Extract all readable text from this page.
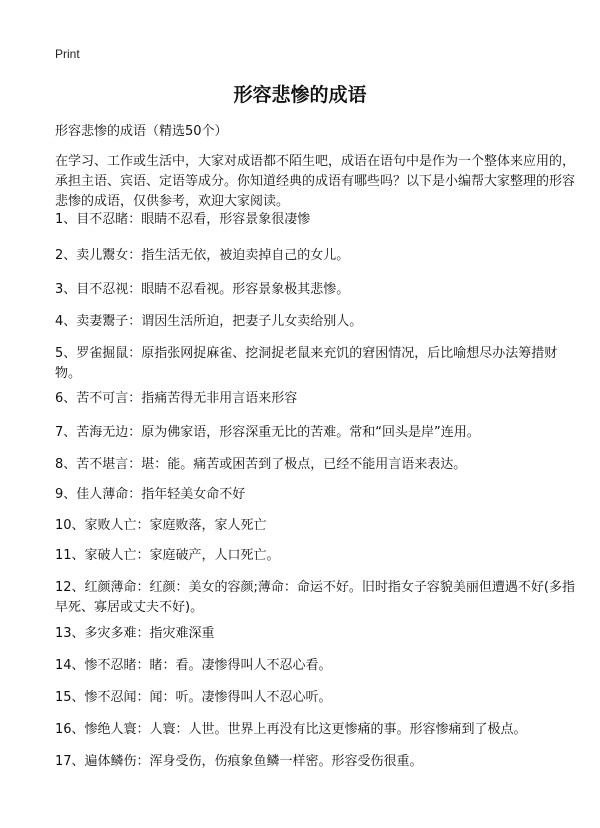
Print
形容悲惨的成语

形容悲惨的成语（精选50个）

在学习、工作或生活中，大家对成语都不陌生吧，成语在语句中是作为一个整体来应用的，承担主语、宾语、定语等成分。你知道经典的成语有哪些吗？以下是小编帮大家整理的形容悲惨的成语，仅供参考，欢迎大家阅读。

1、目不忍睹：眼睛不忍看，形容景象很凄惨

2、卖儿鬻女：指生活无依，被迫卖掉自己的女儿。

3、目不忍视：眼睛不忍看视。形容景象极其悲惨。

4、卖妻鬻子：谓因生活所迫，把妻子儿女卖给别人。

5、罗雀掘鼠：原指张网捉麻雀、挖洞捉老鼠来充饥的窘困情况，后比喻想尽办法筹措财物。

6、苦不可言：指痛苦得无非用言语来形容

7、苦海无边：原为佛家语，形容深重无比的苦难。常和“回头是岸”连用。

8、苦不堪言：堪：能。痛苦或困苦到了极点，已经不能用言语来表达。

9、佳人薄命：指年轻美女命不好

10、家败人亡：家庭败落，家人死亡

11、家破人亡：家庭破产，人口死亡。

12、红颜薄命：红颜：美女的容颜;薄命：命运不好。旧时指女子容貌美丽但遭遇不好(多指早死、寡居或丈夫不好)。

13、多灾多难：指灾难深重

14、惨不忍睹：睹：看。凄惨得叫人不忍心看。

15、惨不忍闻：闻：听。凄惨得叫人不忍心听。

16、惨绝人寰：人寰：人世。世界上再没有比这更惨痛的事。形容惨痛到了极点。

17、遍体鳞伤：浑身受伤，伤痕象鱼鳞一样密。形容受伤很重。
